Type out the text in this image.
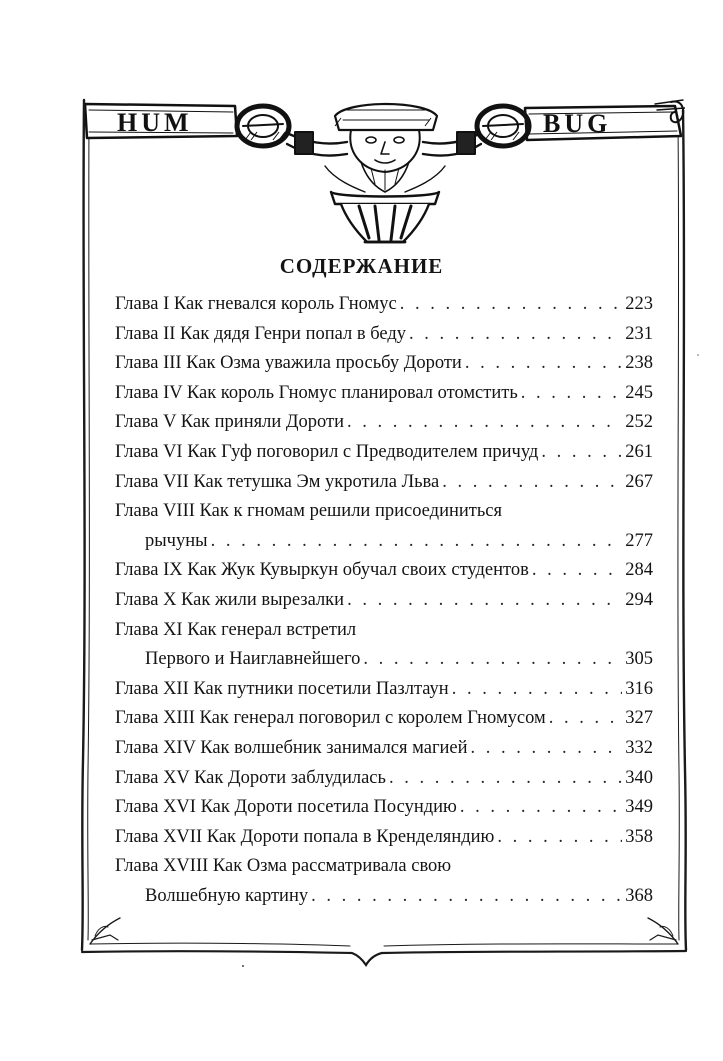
HUM	BUG
СОДЕРЖАНИЕ
Глава I Как гневался король Гномус . . .	223
Глава II Как дядя Генри попал в беду . . .	231
Глава III Как Озма уважила просьбу Дороти . . .	238
Глава IV Как король Гномус планировал отомстить . . .	245
Глава V Как приняли Дороти . . .	252
Глава VI Как Гуф поговорил с Предводителем причуд . . .	261
Глава VII Как тетушка Эм укротила Льва . . .	267
Глава VIII Как к гномам решили присоединиться
рычуны . . .	277
Глава IX Как Жук Кувыркун обучал своих студентов . . .	284
Глава X Как жили вырезалки . . .	294
Глава XI Как генерал встретил
Первого и Наиглавнейшего . . .	305
Глава XII Как путники посетили Пазлтаун . . .	316
Глава XIII Как генерал поговорил с королем Гномусом . . .	327
Глава XIV Как волшебник занимался магией . . .	332
Глава XV Как Дороти заблудилась . . .	340
Глава XVI Как Дороти посетила Посундию . . .	349
Глава XVII Как Дороти попала в Кренделяндию . . .	358
Глава XVIII Как Озма рассматривала свою
Волшебную картину . . .	368
